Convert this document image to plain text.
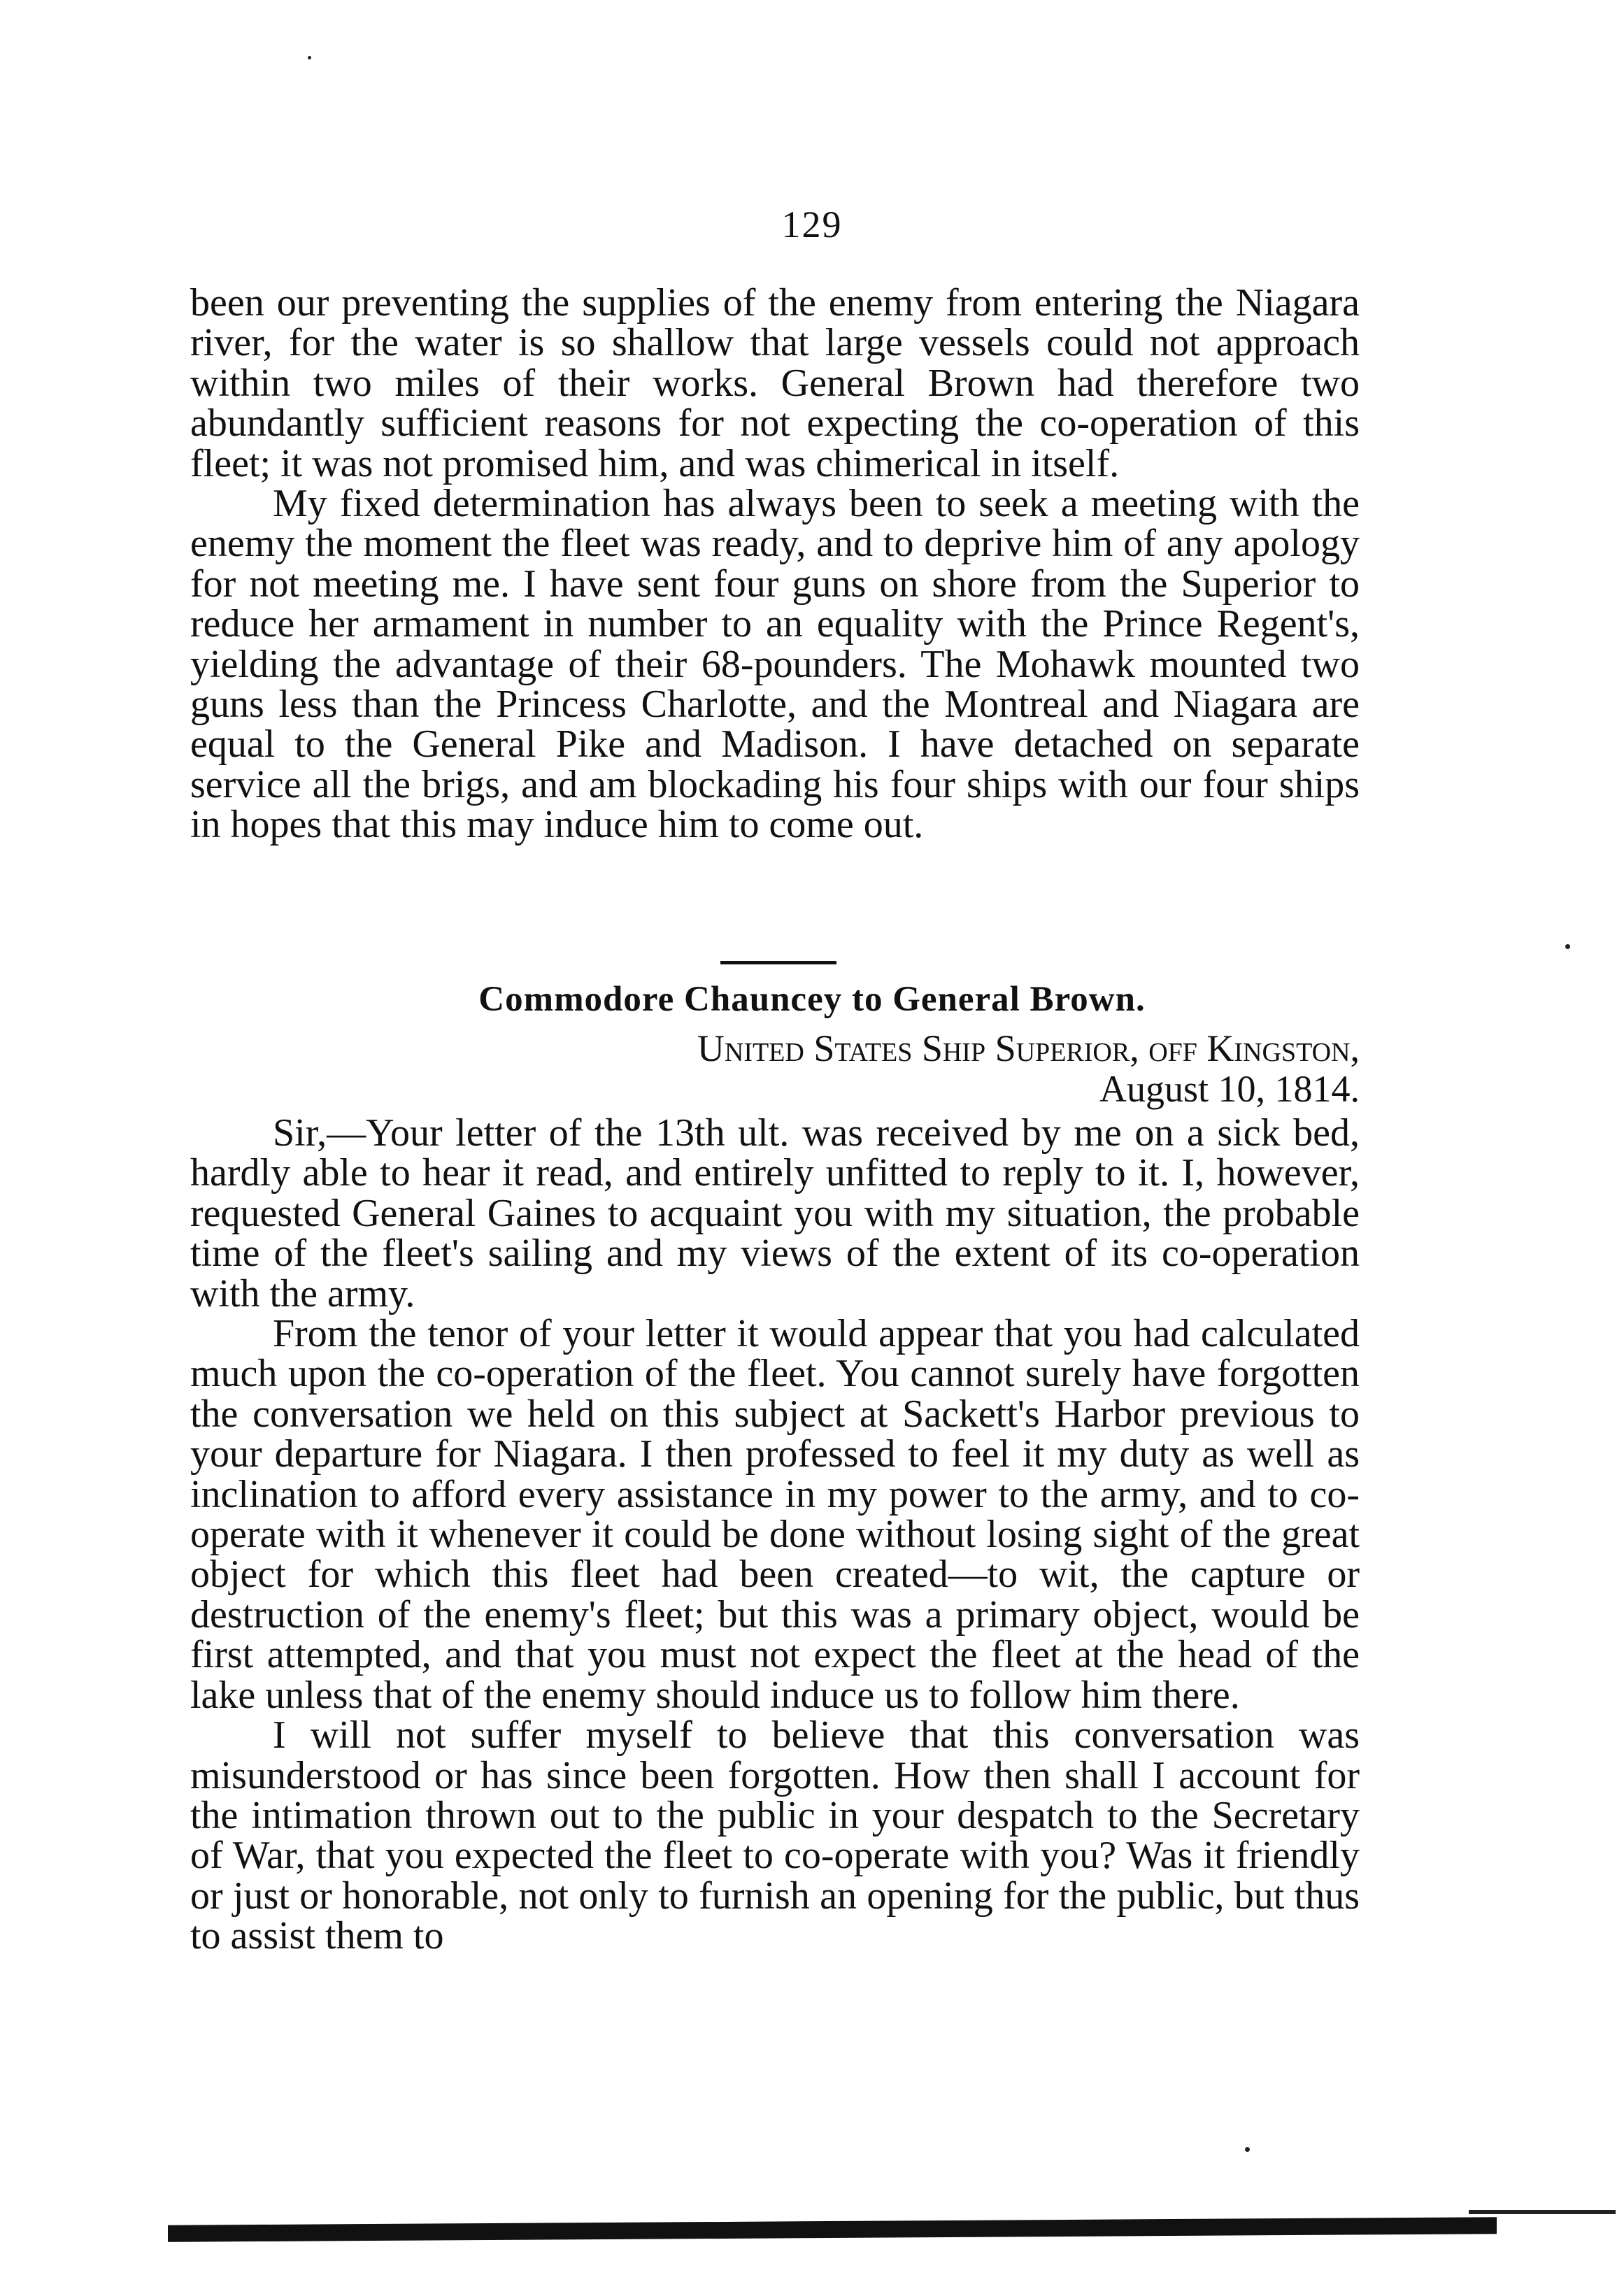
129

been our preventing the supplies of the enemy from entering the Niagara river, for the water is so shallow that large vessels could not approach within two miles of their works. General Brown had therefore two abundantly sufficient reasons for not expecting the co-operation of this fleet; it was not promised him, and was chimerical in itself.

My fixed determination has always been to seek a meeting with the enemy the moment the fleet was ready, and to deprive him of any apology for not meeting me. I have sent four guns on shore from the Superior to reduce her armament in number to an equality with the Prince Regent's, yielding the advantage of their 68-pounders. The Mohawk mounted two guns less than the Princess Charlotte, and the Montreal and Niagara are equal to the General Pike and Madison. I have detached on separate service all the brigs, and am blockading his four ships with our four ships in hopes that this may induce him to come out.

Commodore Chauncey to General Brown.
United States Ship Superior, off Kingston,
August 10, 1814.

Sir,—Your letter of the 13th ult. was received by me on a sick bed, hardly able to hear it read, and entirely unfitted to reply to it. I, however, requested General Gaines to acquaint you with my situation, the probable time of the fleet's sailing and my views of the extent of its co-operation with the army.

From the tenor of your letter it would appear that you had calculated much upon the co-operation of the fleet. You cannot surely have forgotten the conversation we held on this subject at Sackett's Harbor previous to your departure for Niagara. I then professed to feel it my duty as well as inclination to afford every assistance in my power to the army, and to co-operate with it whenever it could be done without losing sight of the great object for which this fleet had been created—to wit, the capture or destruction of the enemy's fleet; but this was a primary object, would be first attempted, and that you must not expect the fleet at the head of the lake unless that of the enemy should induce us to follow him there.

I will not suffer myself to believe that this conversation was misunderstood or has since been forgotten. How then shall I account for the intimation thrown out to the public in your despatch to the Secretary of War, that you expected the fleet to co-operate with you? Was it friendly or just or honorable, not only to furnish an opening for the public, but thus to assist them to
